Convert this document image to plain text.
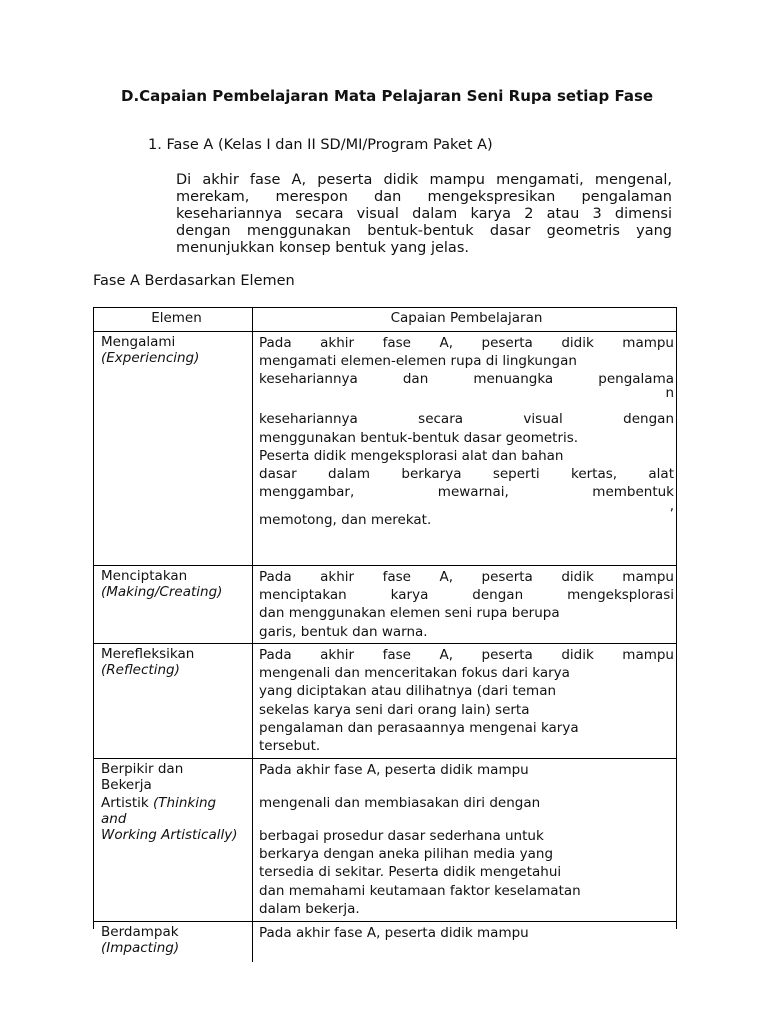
D.Capaian Pembelajaran Mata Pelajaran Seni Rupa setiap Fase
1. Fase A (Kelas I dan II SD/MI/Program Paket A)
Di akhir fase A, peserta didik mampu mengamati, mengenal,
merekam, merespon dan mengekspresikan pengalaman
kesehariannya secara visual dalam karya 2 atau 3 dimensi
dengan menggunakan bentuk-bentuk dasar geometris yang
menunjukkan konsep bentuk yang jelas.
Fase A Berdasarkan Elemen
Elemen	Capaian Pembelajaran
Mengalami
(Experiencing)
Pada akhir fase A, peserta didik mampu
mengamati elemen-elemen rupa di lingkungan
kesehariannya dan menuangka pengalama
n
kesehariannya secara visual dengan
menggunakan bentuk-bentuk dasar geometris.
Peserta didik mengeksplorasi alat dan bahan
dasar dalam berkarya seperti kertas, alat
menggambar, mewarnai, membentuk
,
memotong, dan merekat.
Menciptakan
(Making/Creating)
Pada akhir fase A, peserta didik mampu
menciptakan karya dengan mengeksplorasi
dan menggunakan elemen seni rupa berupa
garis, bentuk dan warna.
Merefleksikan
(Reflecting)
Pada akhir fase A, peserta didik mampu
mengenali dan menceritakan fokus dari karya
yang diciptakan atau dilihatnya (dari teman
sekelas karya seni dari orang lain) serta
pengalaman dan perasaannya mengenai karya
tersebut.
Berpikir dan
Bekerja
Artistik (Thinking
and
Working Artistically)
Pada akhir fase A, peserta didik mampu
mengenali dan membiasakan diri dengan
berbagai prosedur dasar sederhana untuk
berkarya dengan aneka pilihan media yang
tersedia di sekitar. Peserta didik mengetahui
dan memahami keutamaan faktor keselamatan
dalam bekerja.
Berdampak
(Impacting)
Pada akhir fase A, peserta didik mampu
